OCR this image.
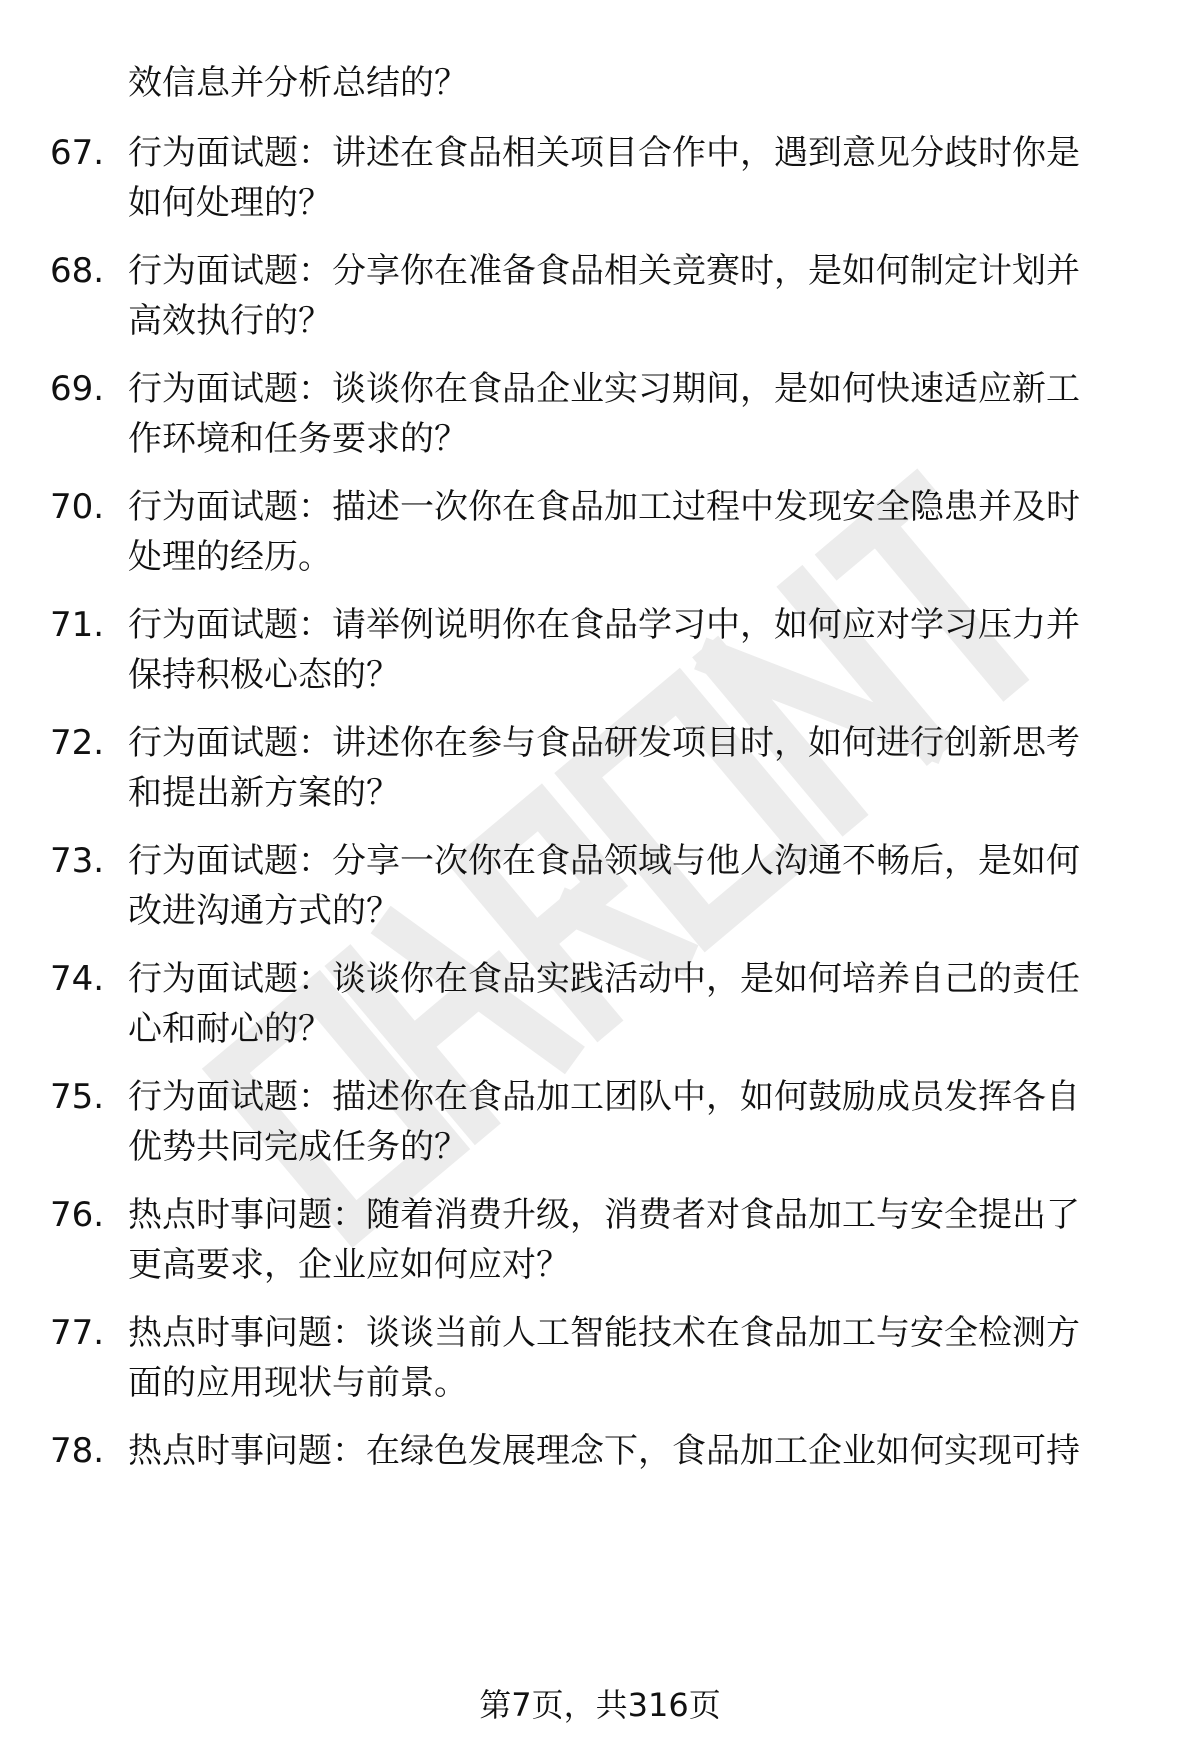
效信息并分析总结的？
67. 行为面试题：讲述在食品相关项目合作中，遇到意见分歧时你是
如何处理的？
68. 行为面试题：分享你在准备食品相关竞赛时，是如何制定计划并
高效执行的？
69. 行为面试题：谈谈你在食品企业实习期间，是如何快速适应新工
作环境和任务要求的？
70. 行为面试题：描述一次你在食品加工过程中发现安全隐患并及时
处理的经历。
71. 行为面试题：请举例说明你在食品学习中，如何应对学习压力并
保持积极心态的？
72. 行为面试题：讲述你在参与食品研发项目时，如何进行创新思考
和提出新方案的？
73. 行为面试题：分享一次你在食品领域与他人沟通不畅后，是如何
改进沟通方式的？
74. 行为面试题：谈谈你在食品实践活动中，是如何培养自己的责任
心和耐心的？
75. 行为面试题：描述你在食品加工团队中，如何鼓励成员发挥各自
优势共同完成任务的？
76. 热点时事问题：随着消费升级，消费者对食品加工与安全提出了
更高要求，企业应如何应对？
77. 热点时事问题：谈谈当前人工智能技术在食品加工与安全检测方
面的应用现状与前景。
78. 热点时事问题：在绿色发展理念下，食品加工企业如何实现可持
第7页，共316页
